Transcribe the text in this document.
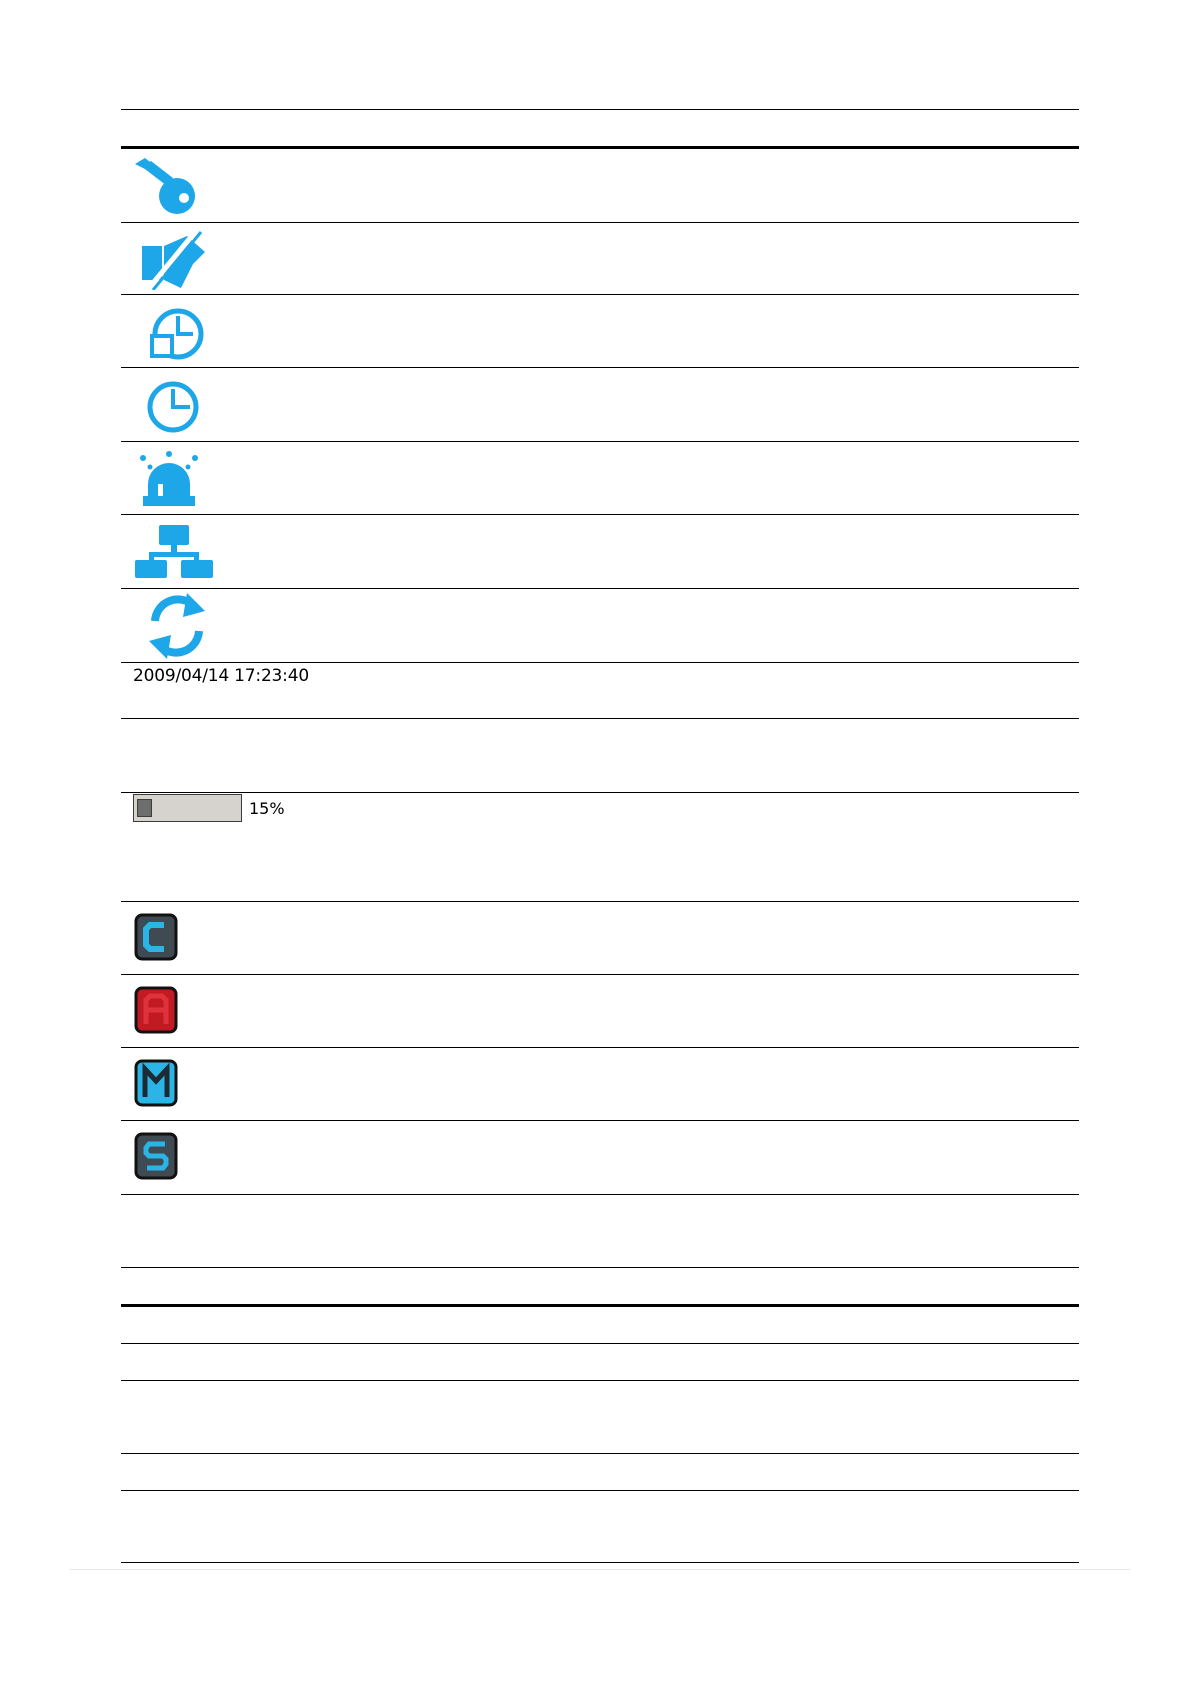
2009/04/14 17:23:40
15%
